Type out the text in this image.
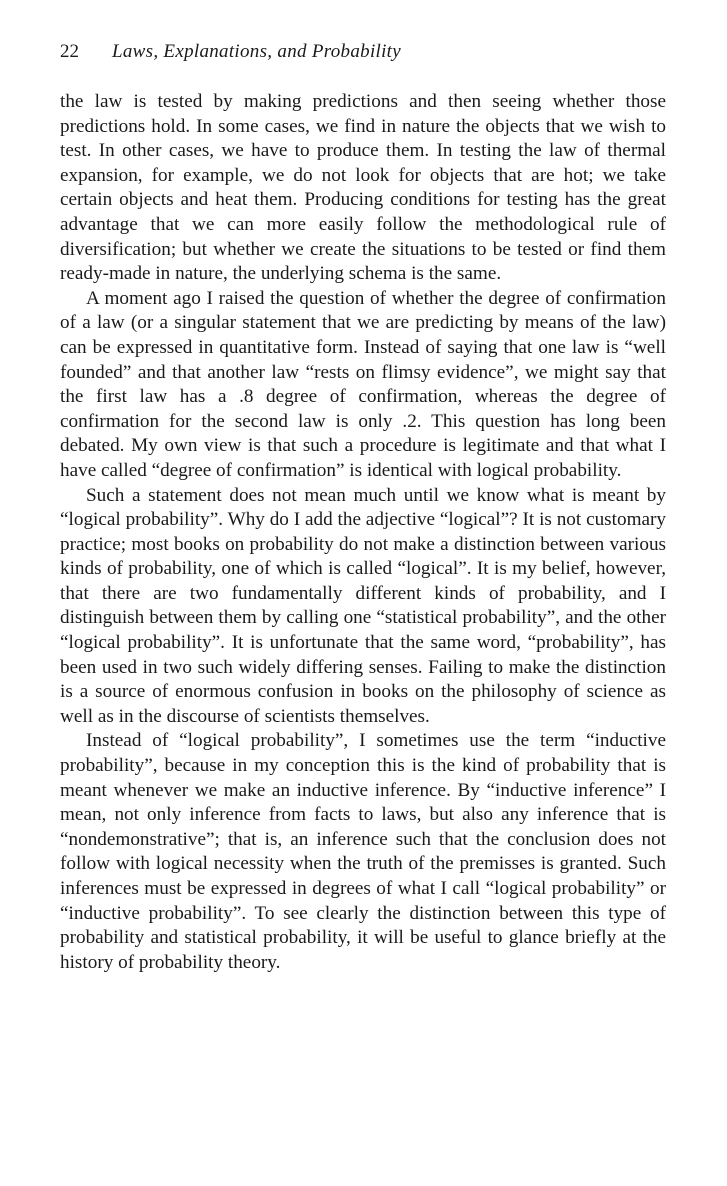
22 Laws, Explanations, and Probability

the law is tested by making predictions and then seeing whether those predictions hold. In some cases, we find in nature the objects that we wish to test. In other cases, we have to produce them. In testing the law of thermal expansion, for example, we do not look for objects that are hot; we take certain objects and heat them. Producing conditions for testing has the great advantage that we can more easily follow the methodological rule of diversification; but whether we create the situations to be tested or find them ready-made in nature, the underlying schema is the same.

A moment ago I raised the question of whether the degree of confirmation of a law (or a singular statement that we are predicting by means of the law) can be expressed in quantitative form. Instead of saying that one law is “well founded” and that another law “rests on flimsy evidence”, we might say that the first law has a .8 degree of confirmation, whereas the degree of confirmation for the second law is only .2. This question has long been debated. My own view is that such a procedure is legitimate and that what I have called “degree of confirmation” is identical with logical probability.

Such a statement does not mean much until we know what is meant by “logical probability”. Why do I add the adjective “logical”? It is not customary practice; most books on probability do not make a distinction between various kinds of probability, one of which is called “logical”. It is my belief, however, that there are two fundamentally different kinds of probability, and I distinguish between them by calling one “statistical probability”, and the other “logical probability”. It is unfortunate that the same word, “probability”, has been used in two such widely differing senses. Failing to make the distinction is a source of enormous confusion in books on the philosophy of science as well as in the discourse of scientists themselves.

Instead of “logical probability”, I sometimes use the term “inductive probability”, because in my conception this is the kind of probability that is meant whenever we make an inductive inference. By “inductive inference” I mean, not only inference from facts to laws, but also any inference that is “nondemonstrative”; that is, an inference such that the conclusion does not follow with logical necessity when the truth of the premisses is granted. Such inferences must be expressed in degrees of what I call “logical probability” or “inductive probability”. To see clearly the distinction between this type of probability and statistical probability, it will be useful to glance briefly at the history of probability theory.
